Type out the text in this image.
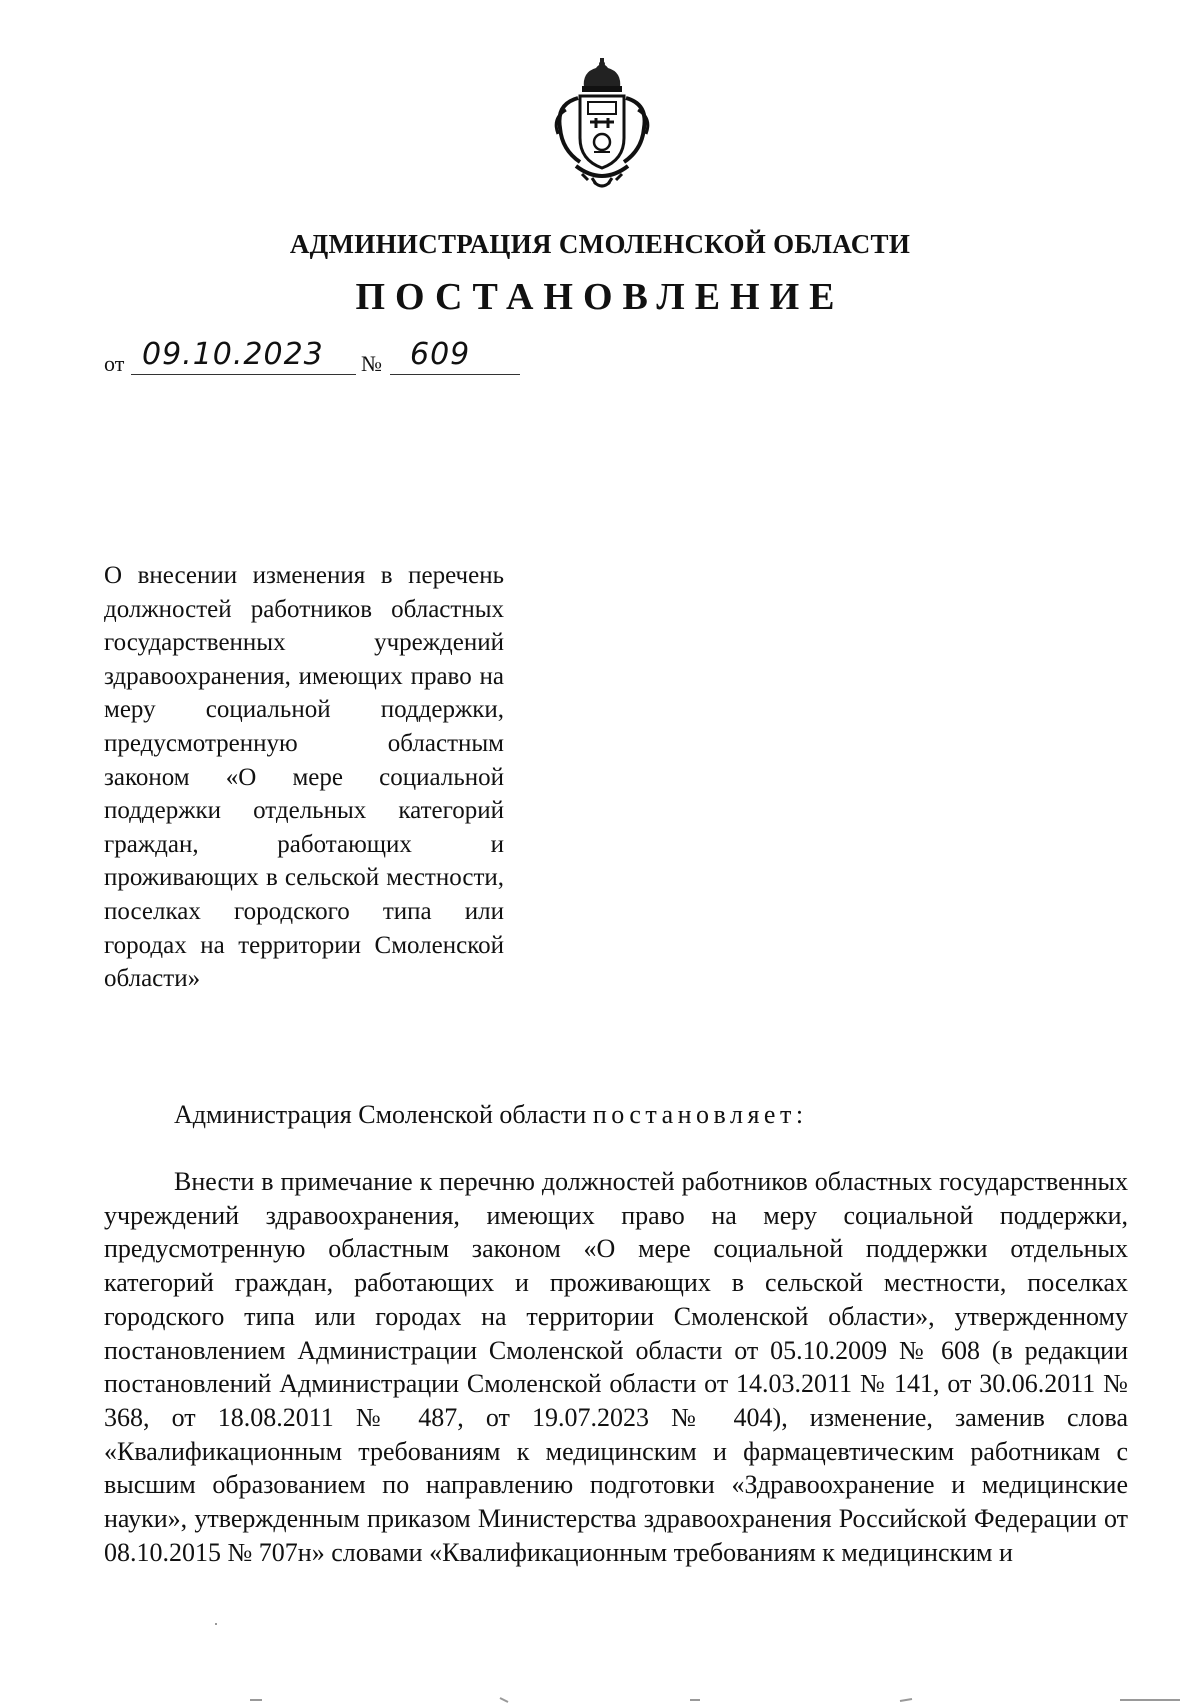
АДМИНИСТРАЦИЯ СМОЛЕНСКОЙ ОБЛАСТИ
ПОСТАНОВЛЕНИЕ
от 09.10.2023 № 609
О внесении изменения в перечень должностей работников областных государственных учреждений здравоохранения, имеющих право на меру социальной поддержки, предусмотренную областным законом «О мере социальной поддержки отдельных категорий граждан, работающих и проживающих в сельской местности, поселках городского типа или городах на территории Смоленской области»
Администрация Смоленской области постановляет:
Внести в примечание к перечню должностей работников областных государственных учреждений здравоохранения, имеющих право на меру социальной поддержки, предусмотренную областным законом «О мере социальной поддержки отдельных категорий граждан, работающих и проживающих в сельской местности, поселках городского типа или городах на территории Смоленской области», утвержденному постановлением Администрации Смоленской области от 05.10.2009 № 608 (в редакции постановлений Администрации Смоленской области от 14.03.2011 № 141, от 30.06.2011 № 368, от 18.08.2011 № 487, от 19.07.2023 № 404), изменение, заменив слова «Квалификационным требованиям к медицинским и фармацевтическим работникам с высшим образованием по направлению подготовки «Здравоохранение и медицинские науки», утвержденным приказом Министерства здравоохранения Российской Федерации от 08.10.2015 № 707н» словами «Квалификационным требованиям к медицинским и
